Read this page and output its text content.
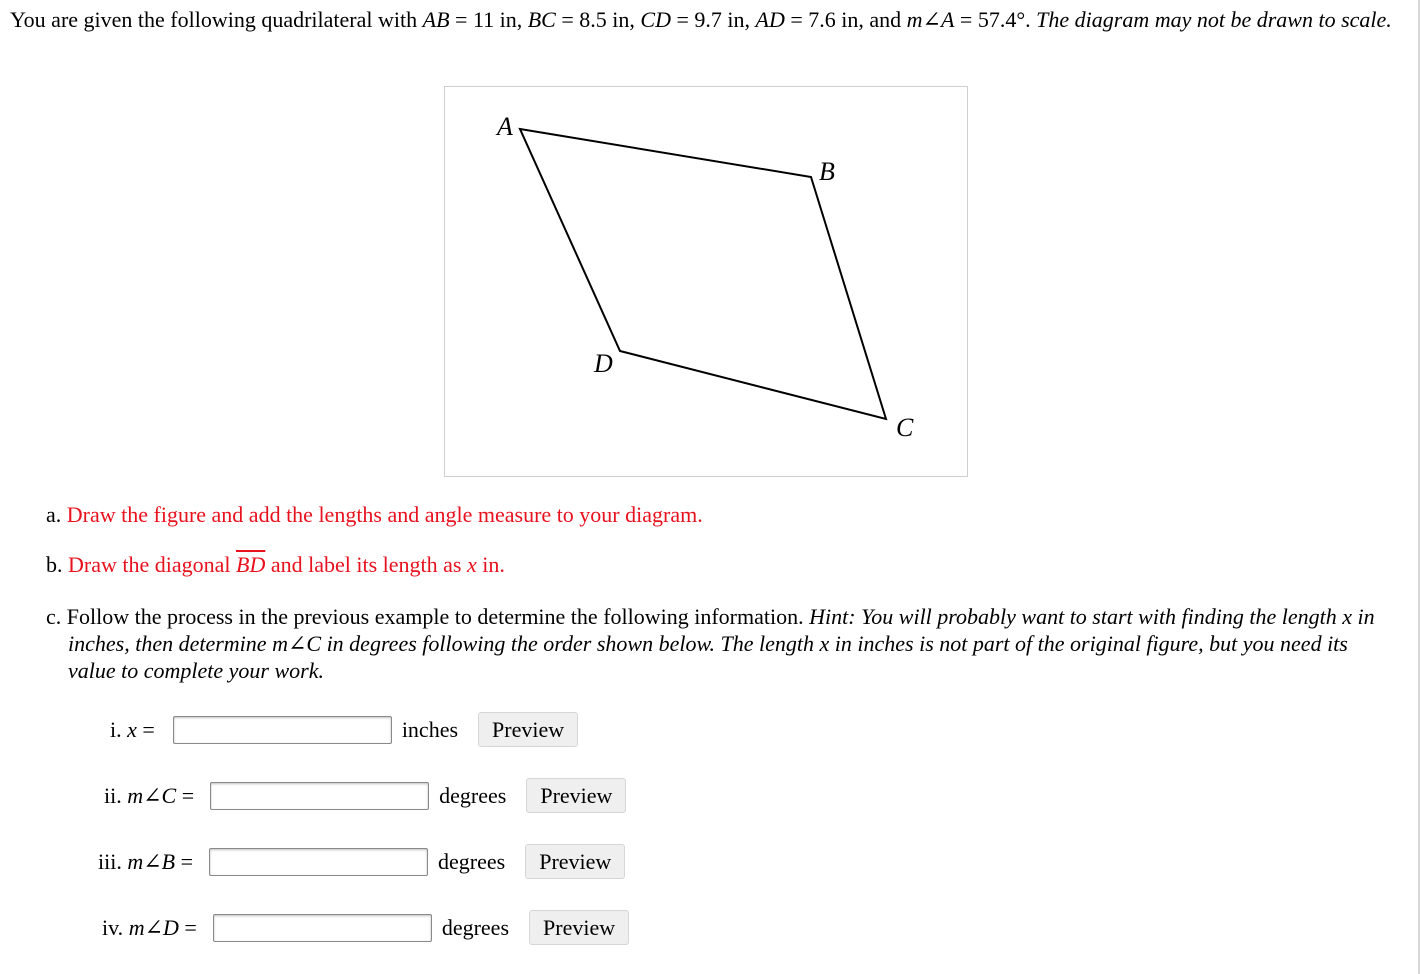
You are given the following quadrilateral with AB = 11 in, BC = 8.5 in, CD = 9.7 in, AD = 7.6 in, and m∠A = 57.4°. The diagram may not be drawn to scale.
A
B
C
D
a. Draw the figure and add the lengths and angle measure to your diagram.
b. Draw the diagonal $\overline{BD}$ and label its length as x in.
c. Follow the process in the previous example to determine the following information. Hint: You will probably want to start with finding the length x in inches, then determine m∠C in degrees following the order shown below. The length x in inches is not part of the original figure, but you need its value to complete your work.
i. x =	inches	Preview
ii. m∠C =	degrees	Preview
iii. m∠B =	degrees	Preview
iv. m∠D =	degrees	Preview
